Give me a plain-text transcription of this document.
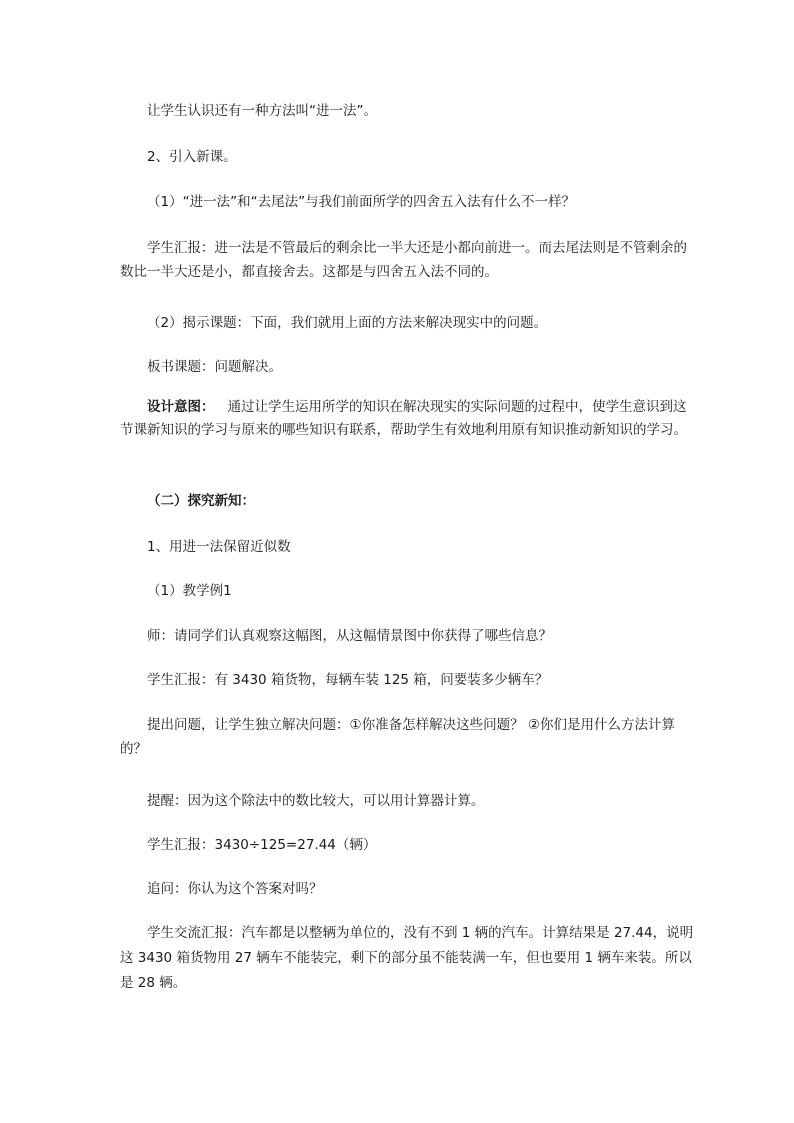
让学生认识还有一种方法叫“进一法”。

2、引入新课。

（1）“进一法”和“去尾法”与我们前面所学的四舍五入法有什么不一样？

学生汇报：进一法是不管最后的剩余比一半大还是小都向前进一。而去尾法则是不管剩余的数比一半大还是小，都直接舍去。这都是与四舍五入法不同的。

（2）揭示课题：下面，我们就用上面的方法来解决现实中的问题。

板书课题：问题解决。

设计意图： 通过让学生运用所学的知识在解决现实的实际问题的过程中，使学生意识到这节课新知识的学习与原来的哪些知识有联系，帮助学生有效地利用原有知识推动新知识的学习。

（二）探究新知：

1、用进一法保留近似数

（1）教学例1

师：请同学们认真观察这幅图，从这幅情景图中你获得了哪些信息？

学生汇报：有 3430 箱货物，每辆车装 125 箱，问要装多少辆车？

提出问题，让学生独立解决问题：①你准备怎样解决这些问题？ ②你们是用什么方法计算的？

提醒：因为这个除法中的数比较大，可以用计算器计算。

学生汇报：3430÷125=27.44（辆）

追问：你认为这个答案对吗？

学生交流汇报：汽车都是以整辆为单位的，没有不到 1 辆的汽车。计算结果是 27.44，说明这 3430 箱货物用 27 辆车不能装完，剩下的部分虽不能装满一车，但也要用 1 辆车来装。所以是 28 辆。
